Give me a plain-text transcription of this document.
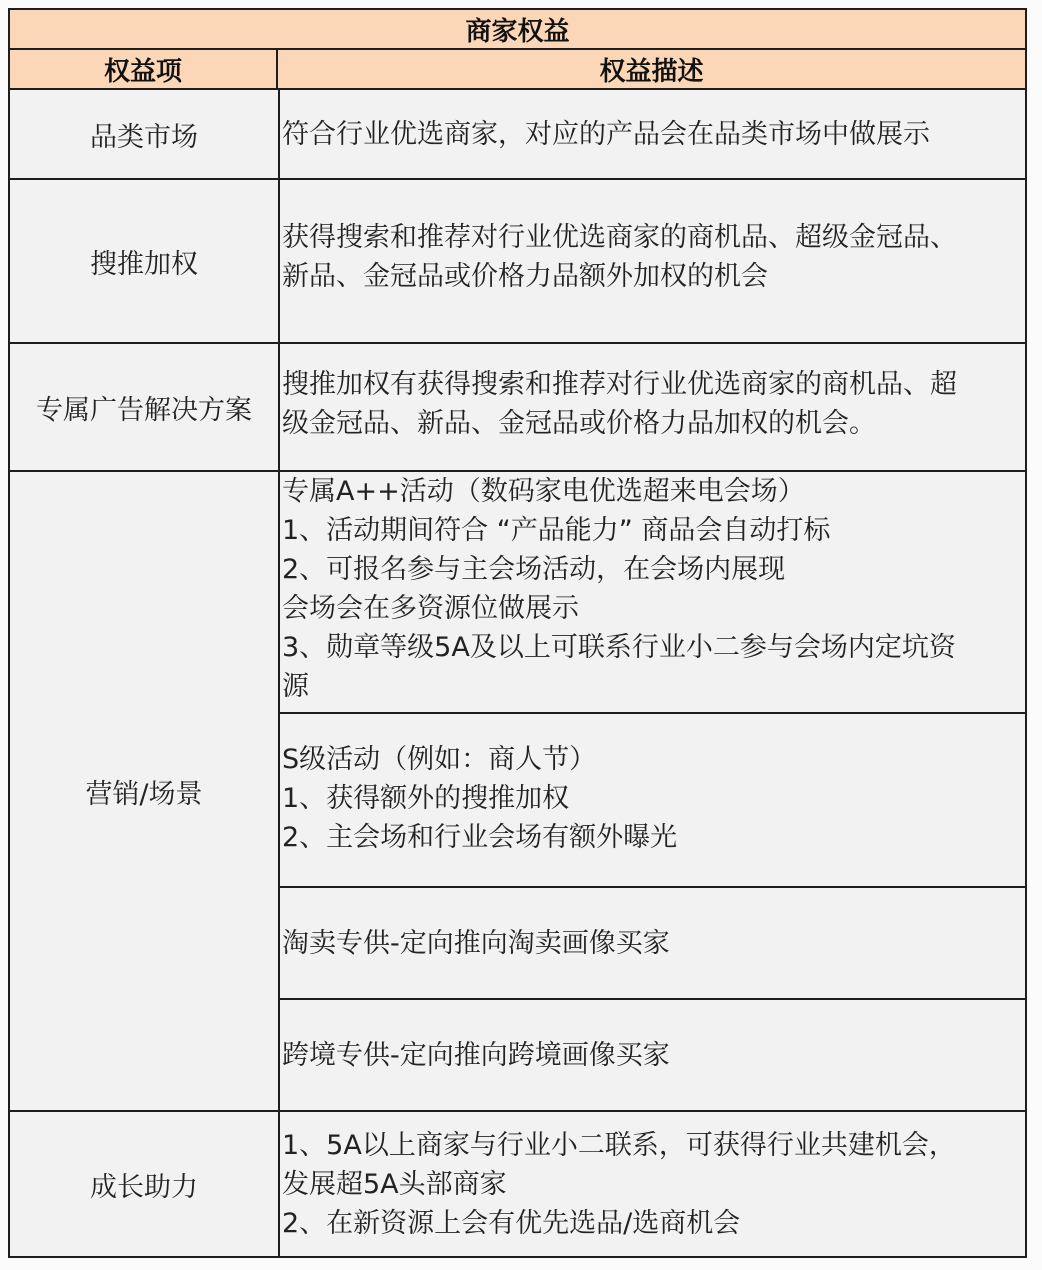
商家权益
权益项	权益描述
品类市场	符合行业优选商家，对应的产品会在品类市场中做展示
搜推加权
获得搜索和推荐对行业优选商家的商机品、超级金冠品、
新品、金冠品或价格力品额外加权的机会
专属广告解决方案
搜推加权有获得搜索和推荐对行业优选商家的商机品、超
级金冠品、新品、金冠品或价格力品加权的机会。
营销/场景
专属A++活动（数码家电优选超来电会场）
1、活动期间符合 “产品能力” 商品会自动打标
2、可报名参与主会场活动，在会场内展现
会场会在多资源位做展示
3、勋章等级5A及以上可联系行业小二参与会场内定坑资
源
S级活动（例如：商人节）
1、获得额外的搜推加权
2、主会场和行业会场有额外曝光
淘卖专供-定向推向淘卖画像买家
跨境专供-定向推向跨境画像买家
成长助力
1、5A以上商家与行业小二联系，可获得行业共建机会，
发展超5A头部商家
2、在新资源上会有优先选品/选商机会
